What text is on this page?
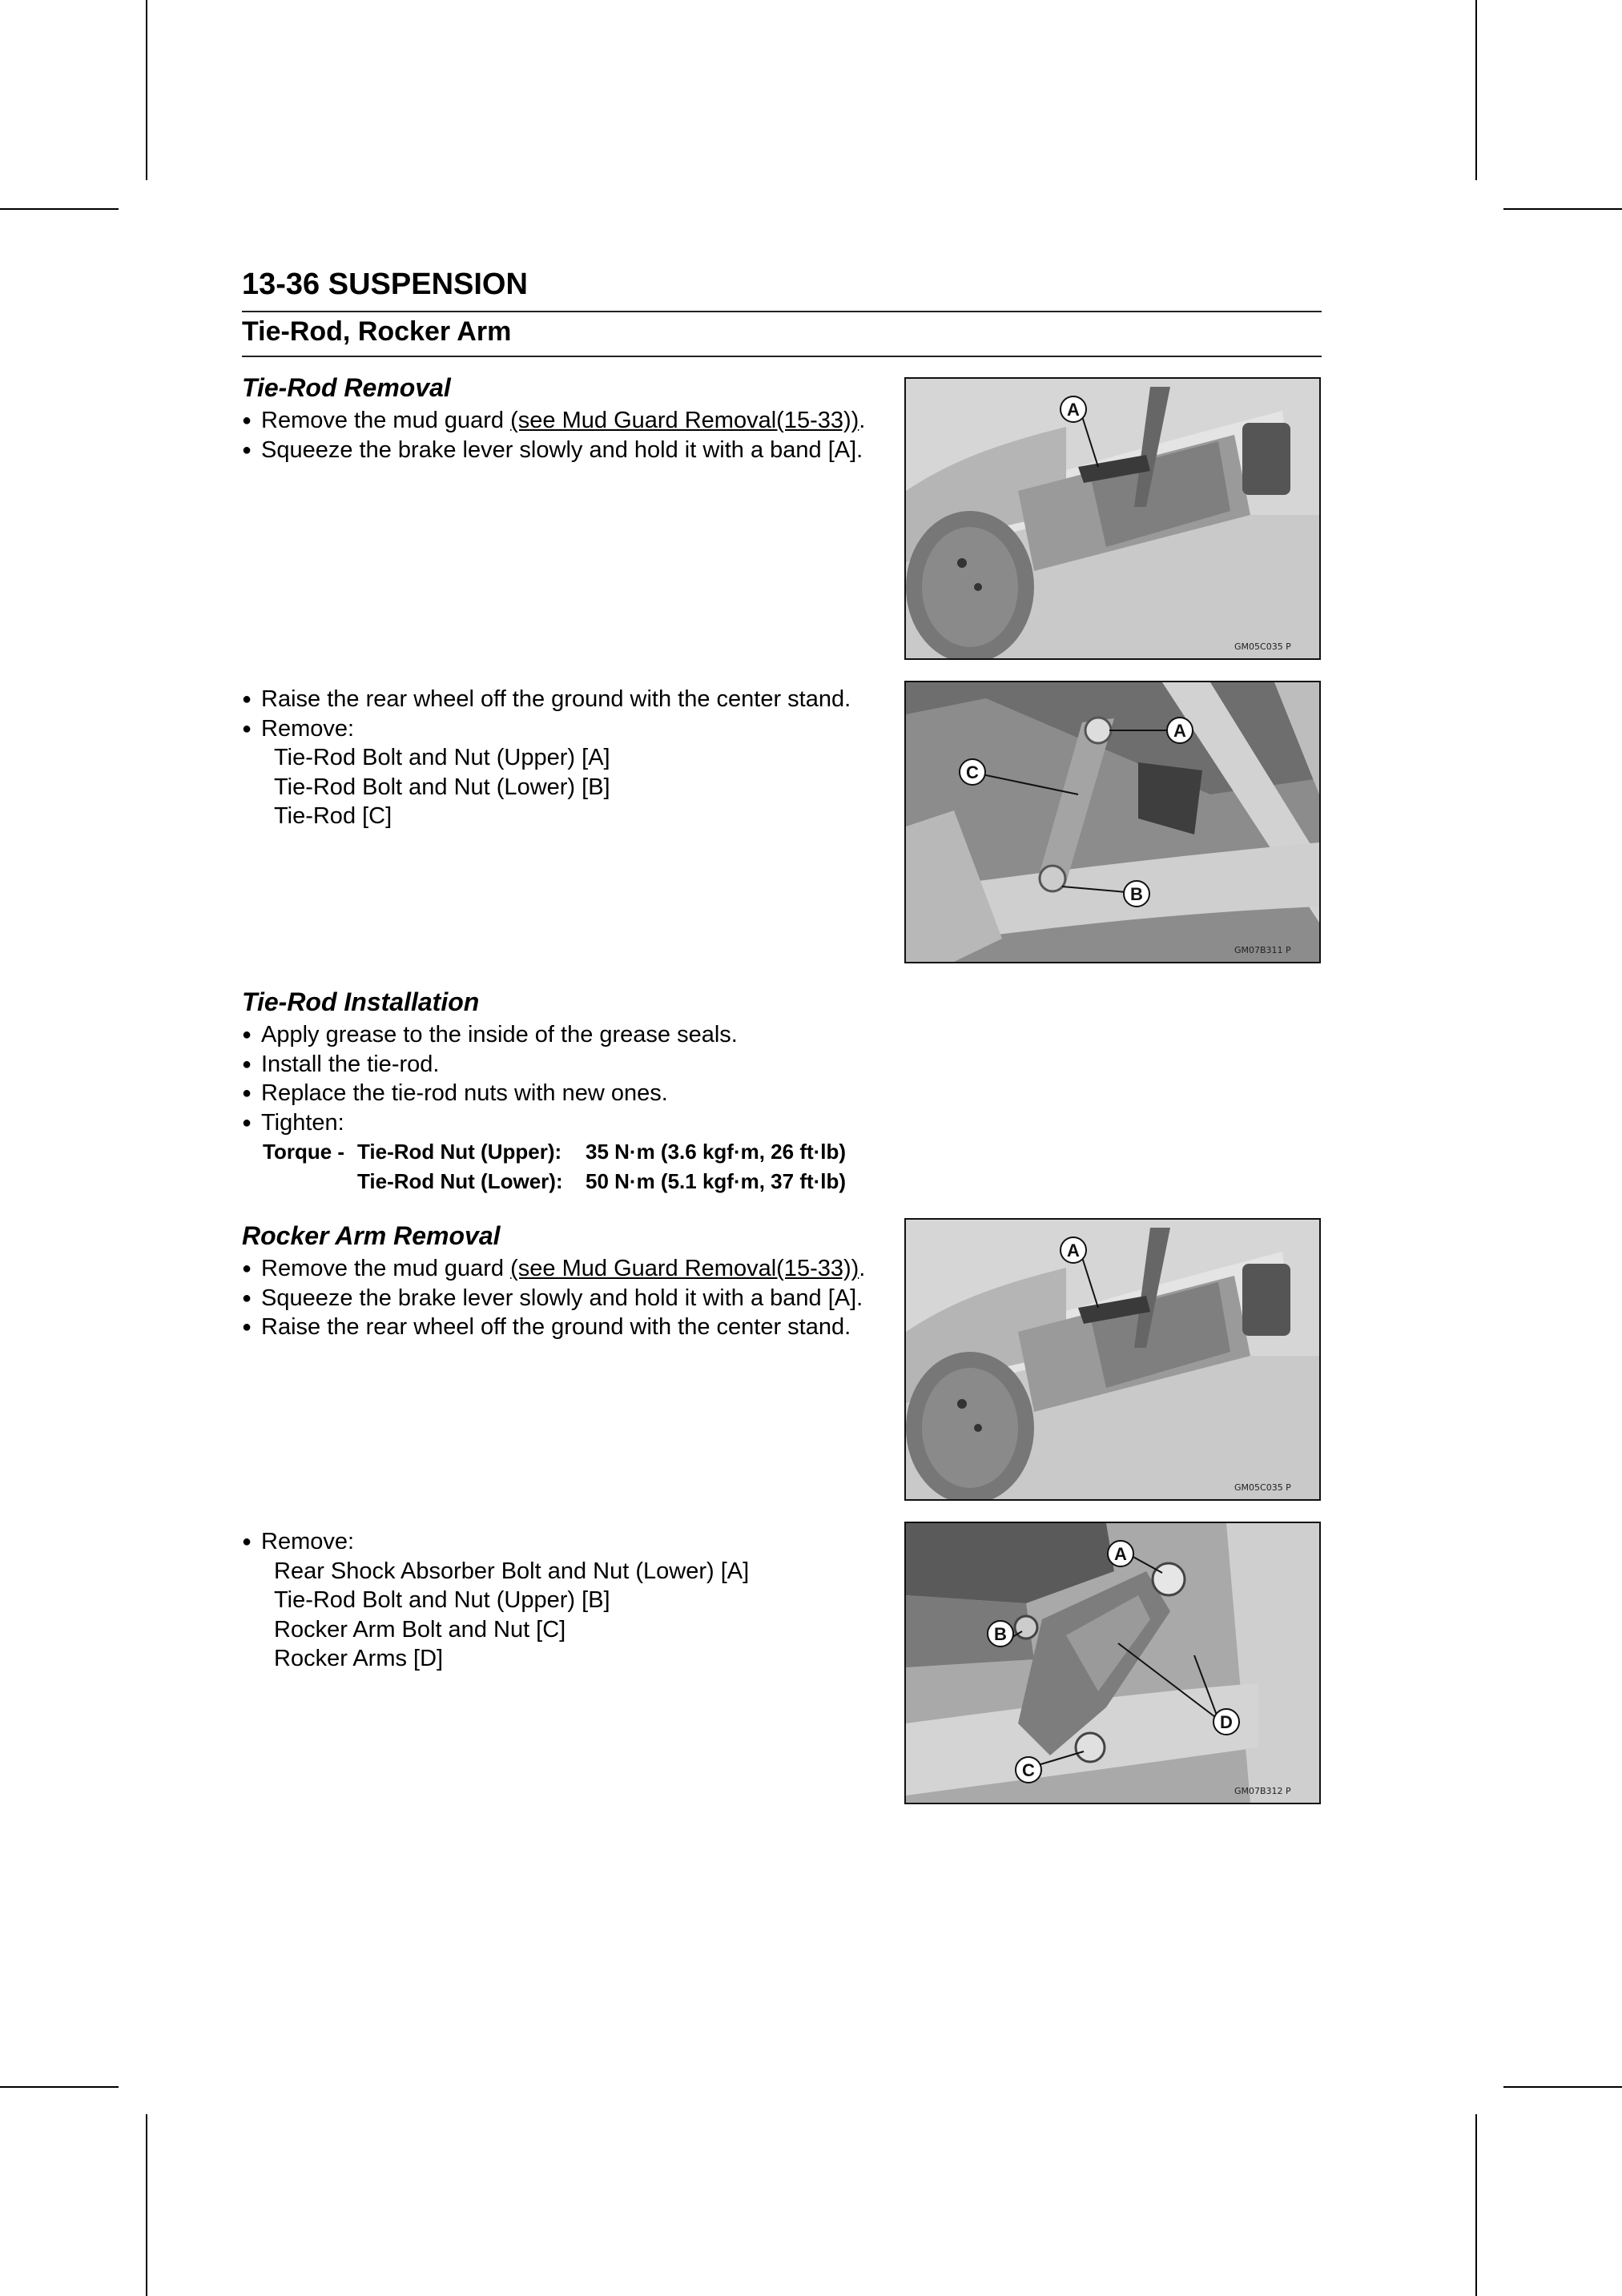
13-36 SUSPENSION
Tie-Rod, Rocker Arm
Tie-Rod Removal
● Remove the mud guard (see Mud Guard Removal(15-33)).
● Squeeze the brake lever slowly and hold it with a band [A].
● Raise the rear wheel off the ground with the center stand.
● Remove:
Tie-Rod Bolt and Nut (Upper) [A]
Tie-Rod Bolt and Nut (Lower) [B]
Tie-Rod [C]
Tie-Rod Installation
● Apply grease to the inside of the grease seals.
● Install the tie-rod.
● Replace the tie-rod nuts with new ones.
● Tighten:
Torque - Tie-Rod Nut (Upper):	35 N·m (3.6 kgf·m, 26 ft·lb)
Tie-Rod Nut (Lower):	50 N·m (5.1 kgf·m, 37 ft·lb)
Rocker Arm Removal
● Remove the mud guard (see Mud Guard Removal(15-33)).
● Squeeze the brake lever slowly and hold it with a band [A].
● Raise the rear wheel off the ground with the center stand.
● Remove:
Rear Shock Absorber Bolt and Nut (Lower) [A]
Tie-Rod Bolt and Nut (Upper) [B]
Rocker Arm Bolt and Nut [C]
Rocker Arms [D]
A
GM05C035 P
A
B
C
GM07B311 P
A
GM05C035 P
A
B
C
D
GM07B312 P
